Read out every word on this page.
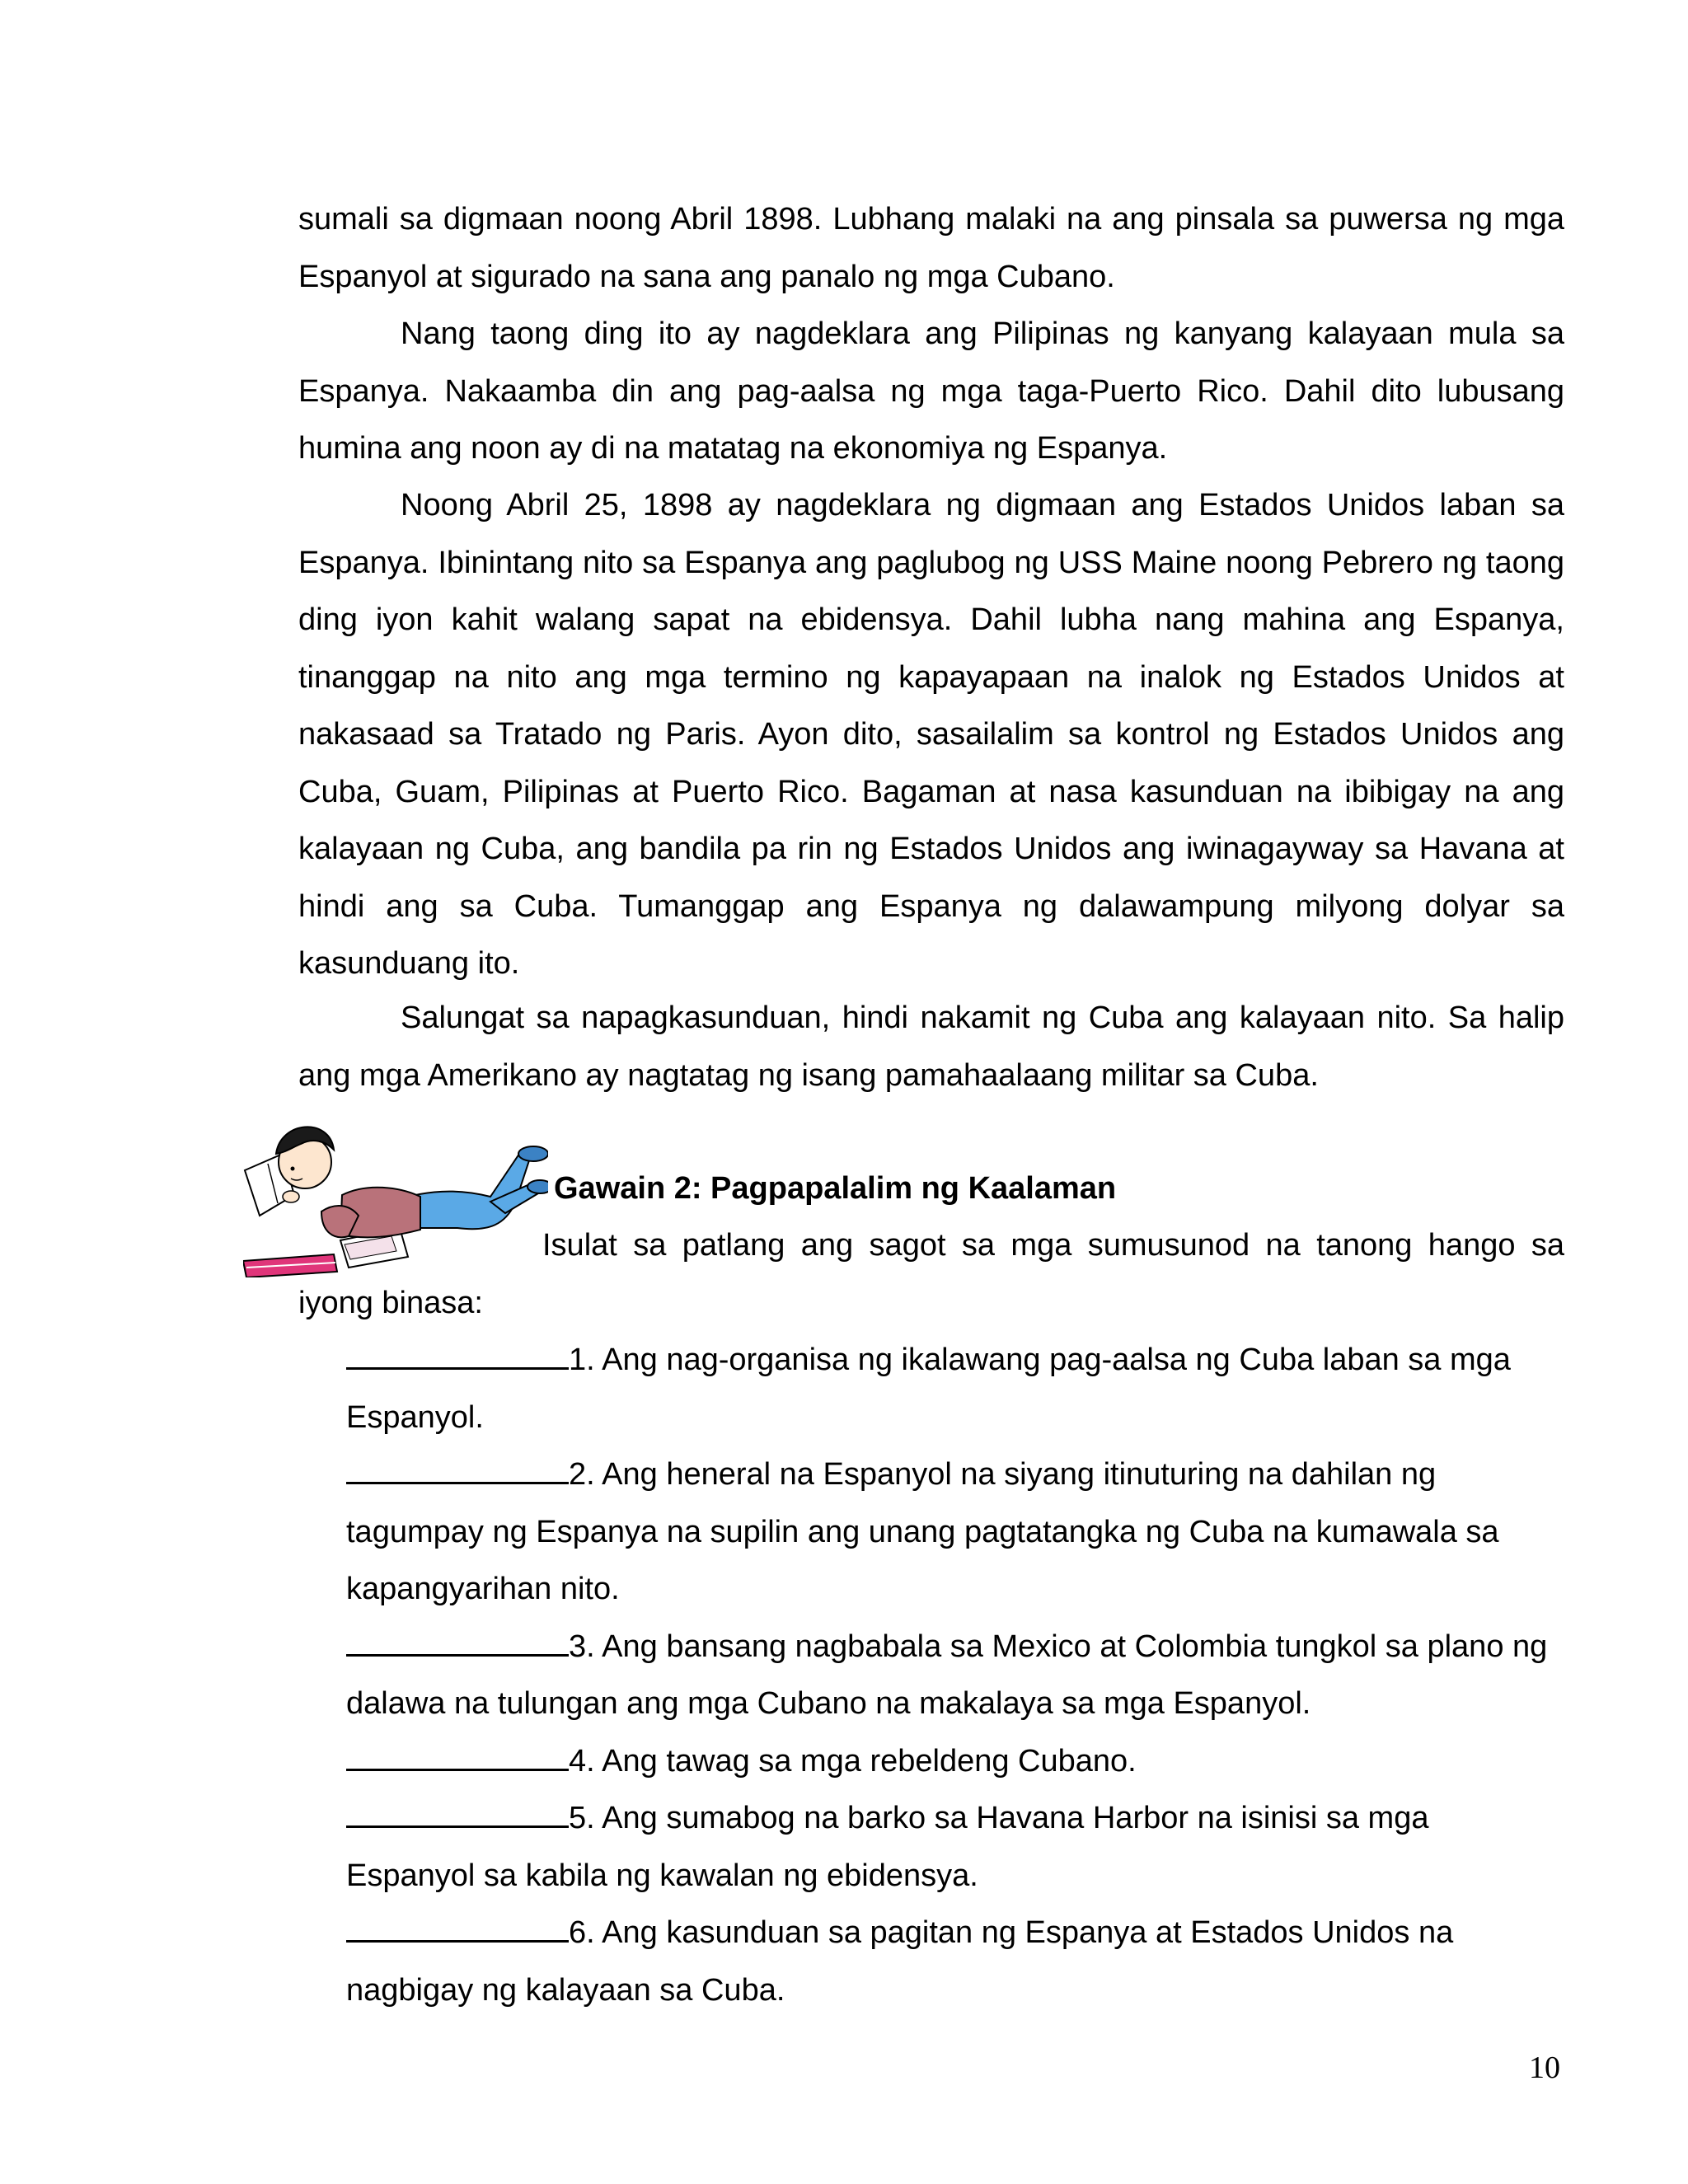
sumali sa digmaan noong Abril 1898. Lubhang malaki na ang pinsala sa puwersa ng mga Espanyol at sigurado na sana ang panalo ng mga Cubano.

Nang taong ding ito ay nagdeklara ang Pilipinas ng kanyang kalayaan mula sa Espanya. Nakaamba din ang pag-aalsa ng mga taga-Puerto Rico. Dahil dito lubusang humina ang noon ay di na matatag na ekonomiya ng Espanya.

Noong Abril 25, 1898 ay nagdeklara ng digmaan ang Estados Unidos laban sa Espanya. Ibinintang nito sa Espanya ang paglubog ng USS Maine noong Pebrero ng taong ding iyon kahit walang sapat na ebidensya. Dahil lubha nang mahina ang Espanya, tinanggap na nito ang mga termino ng kapayapaan na inalok ng Estados Unidos at nakasaad sa Tratado ng Paris. Ayon dito, sasailalim sa kontrol ng Estados Unidos ang Cuba, Guam, Pilipinas at Puerto Rico. Bagaman at nasa kasunduan na ibibigay na ang kalayaan ng Cuba, ang bandila pa rin ng Estados Unidos ang iwinagayway sa Havana at hindi ang sa Cuba. Tumanggap ang Espanya ng dalawampung milyong dolyar sa kasunduang ito.

Salungat sa napagkasunduan, hindi nakamit ng Cuba ang kalayaan nito. Sa halip ang mga Amerikano ay nagtatag ng isang pamahaalaang militar sa Cuba.

Gawain 2: Pagpapalalim ng Kaalaman

Isulat sa patlang ang sagot sa mga sumusunod na tanong hango sa iyong binasa:

1. Ang nag-organisa ng ikalawang pag-aalsa ng Cuba laban sa mga Espanyol.
2. Ang heneral na Espanyol na siyang itinuturing na dahilan ng tagumpay ng Espanya na supilin ang unang pagtatangka ng Cuba na kumawala sa kapangyarihan nito.
3. Ang bansang nagbabala sa Mexico at Colombia tungkol sa plano ng dalawa na tulungan ang mga Cubano na makalaya sa mga Espanyol.
4. Ang tawag sa mga rebeldeng Cubano.
5. Ang sumabog na barko sa Havana Harbor na isinisi sa mga Espanyol sa kabila ng kawalan ng ebidensya.
6. Ang kasunduan sa pagitan ng Espanya at Estados Unidos na nagbigay ng kalayaan sa Cuba.
10
